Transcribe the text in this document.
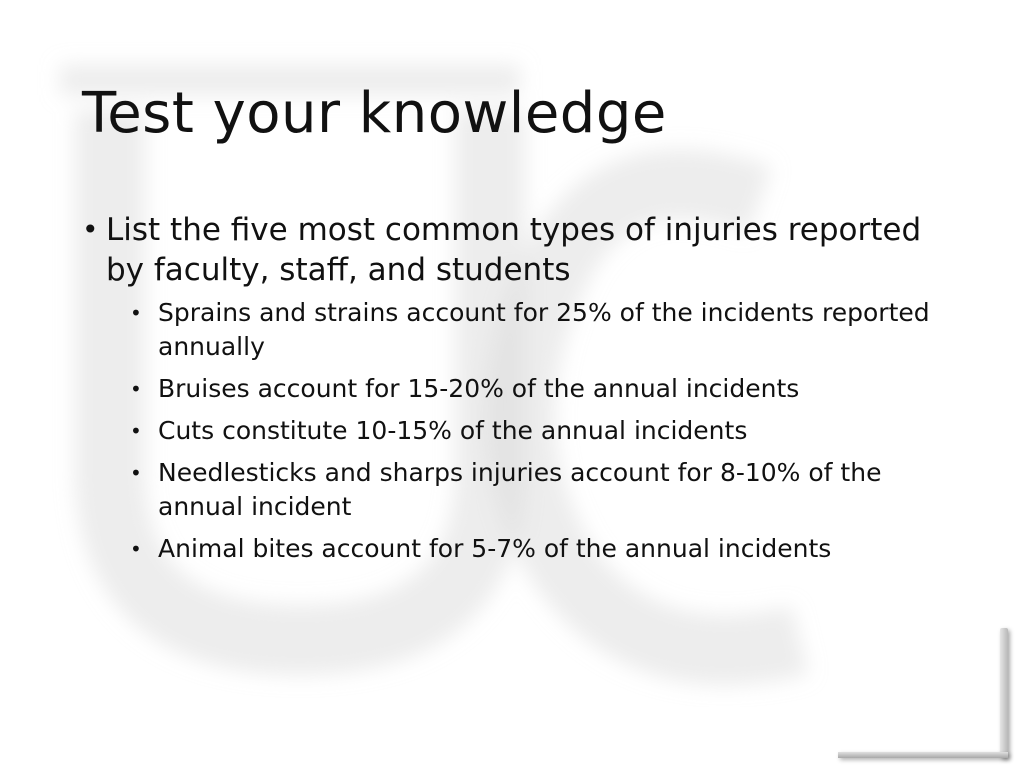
Test your knowledge
• List the five most common types of injuries reported by faculty, staff, and students
• Sprains and strains account for 25% of the incidents reported annually
• Bruises account for 15-20% of the annual incidents
• Cuts constitute 10-15% of the annual incidents
• Needlesticks and sharps injuries account for 8-10% of the annual incident
• Animal bites account for 5-7% of the annual incidents
